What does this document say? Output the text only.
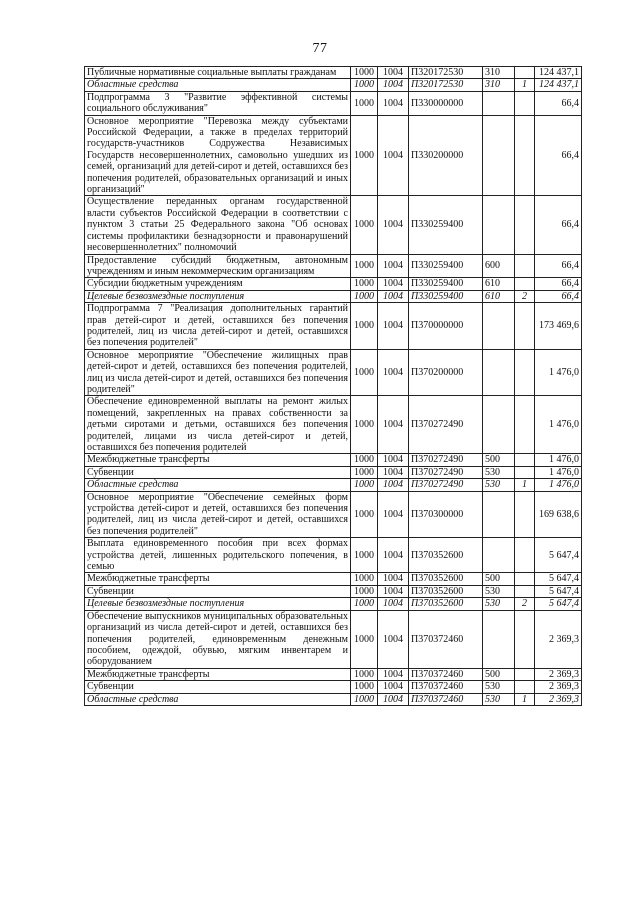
77
Публичные нормативные социальные выплаты гражданам	1000	1004	П320172530	310		124 437,1
Областные средства	1000	1004	П320172530	310	1	124 437,1
Подпрограмма 3 "Развитие эффективной системы социального обслуживания"	1000	1004	П330000000			66,4
Основное мероприятие "Перевозка между субъектами Российской Федерации, а также в пределах территорий государств-участников Содружества Независимых Государств несовершеннолетних, самовольно ушедших из семей, организаций для детей-сирот и детей, оставшихся без попечения родителей, образовательных организаций и иных организаций"	1000	1004	П330200000			66,4
Осуществление переданных органам государственной власти субъектов Российской Федерации в соответствии с пунктом 3 статьи 25 Федерального закона "Об основах системы профилактики безнадзорности и правонарушений несовершеннолетних" полномочий	1000	1004	П330259400			66,4
Предоставление субсидий бюджетным, автономным учреждениям и иным некоммерческим организациям	1000	1004	П330259400	600		66,4
Субсидии бюджетным учреждениям	1000	1004	П330259400	610		66,4
Целевые безвозмездные поступления	1000	1004	П330259400	610	2	66,4
Подпрограмма 7 "Реализация дополнительных гарантий прав детей-сирот и детей, оставшихся без попечения родителей, лиц из числа детей-сирот и детей, оставшихся без попечения родителей"	1000	1004	П370000000			173 469,6
Основное мероприятие "Обеспечение жилищных прав детей-сирот и детей, оставшихся без попечения родителей, лиц из числа детей-сирот и детей, оставшихся без попечения родителей"	1000	1004	П370200000			1 476,0
Обеспечение единовременной выплаты на ремонт жилых помещений, закрепленных на правах собственности за детьми сиротами и детьми, оставшихся без попечения родителей, лицами из числа детей-сирот и детей, оставшихся без попечения родителей	1000	1004	П370272490			1 476,0
Межбюджетные трансферты	1000	1004	П370272490	500		1 476,0
Субвенции	1000	1004	П370272490	530		1 476,0
Областные средства	1000	1004	П370272490	530	1	1 476,0
Основное мероприятие "Обеспечение семейных форм устройства детей-сирот и детей, оставшихся без попечения родителей, лиц из числа детей-сирот и детей, оставшихся без попечения родителей"	1000	1004	П370300000			169 638,6
Выплата единовременного пособия при всех формах устройства детей, лишенных родительского попечения, в семью	1000	1004	П370352600			5 647,4
Межбюджетные трансферты	1000	1004	П370352600	500		5 647,4
Субвенции	1000	1004	П370352600	530		5 647,4
Целевые безвозмездные поступления	1000	1004	П370352600	530	2	5 647,4
Обеспечение выпускников муниципальных образовательных организаций из числа детей-сирот и детей, оставшихся без попечения родителей, единовременным денежным пособием, одеждой, обувью, мягким инвентарем и оборудованием	1000	1004	П370372460			2 369,3
Межбюджетные трансферты	1000	1004	П370372460	500		2 369,3
Субвенции	1000	1004	П370372460	530		2 369,3
Областные средства	1000	1004	П370372460	530	1	2 369,3
